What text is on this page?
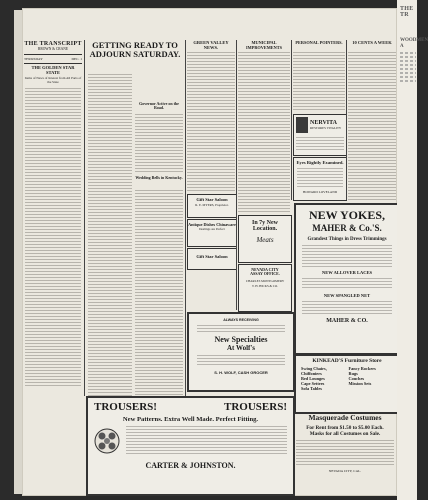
THE TRANSCRIPT
BROWN & CRANE
THURSDAY	DEC. 1
THE GOLDEN STAR STATE
Items of News of Interest from All Parts of the State
GETTING READY TO ADJOURN SATURDAY.
Governor Active on the Road.
Wedding Bells in Kentucky.
GREEN VALLEY NEWS.
Gift Star Saloon
R. E. MYERS, Proprietor.
Antique Dishes Chinaware
Dealings are Perfect
Gift Star Saloon
MUNICIPAL IMPROVEMENTS
In 7y New
Location.
Meats
NEVADA CITY
ASSAY OFFICE.
CHARLES MONTGOMERY
T. H. HICKS & CO.
PERSONAL POINTERS.
NERVITA
RESTORES VITALITY
Eyes Rightly Examined.
HOWARD LOVELAND
10 CENTS A WEEK
ALWAYS RECEIVING
New Specialties
At Wolf's
S. H. WOLF, CASH GROCER
NEW YOKES,
MAHER & Co.'S.
Grandest Things in Dress Trimmings
NEW ALLOVER LACES
NEW SPANGLED NET
MAHER & CO.
KINKEAD'S Furniture Store
Swing Chairs,	Fancy Rockers
Chiffoniers	Rugs
Bed Lounges	Couches
Cape Settees	Mission Sets
Sofa Tables
Masquerade Costumes
For Rent from $1.50 to $5.00 Each.
Masks for all Costumes on Sale.
NEVADA CITY, CAL.
TROUSERS!	TROUSERS!
New Patterns. Extra Well Made. Perfect Fitting.
CARTER & JOHNSTON.
THE TR
WOODMEN A
